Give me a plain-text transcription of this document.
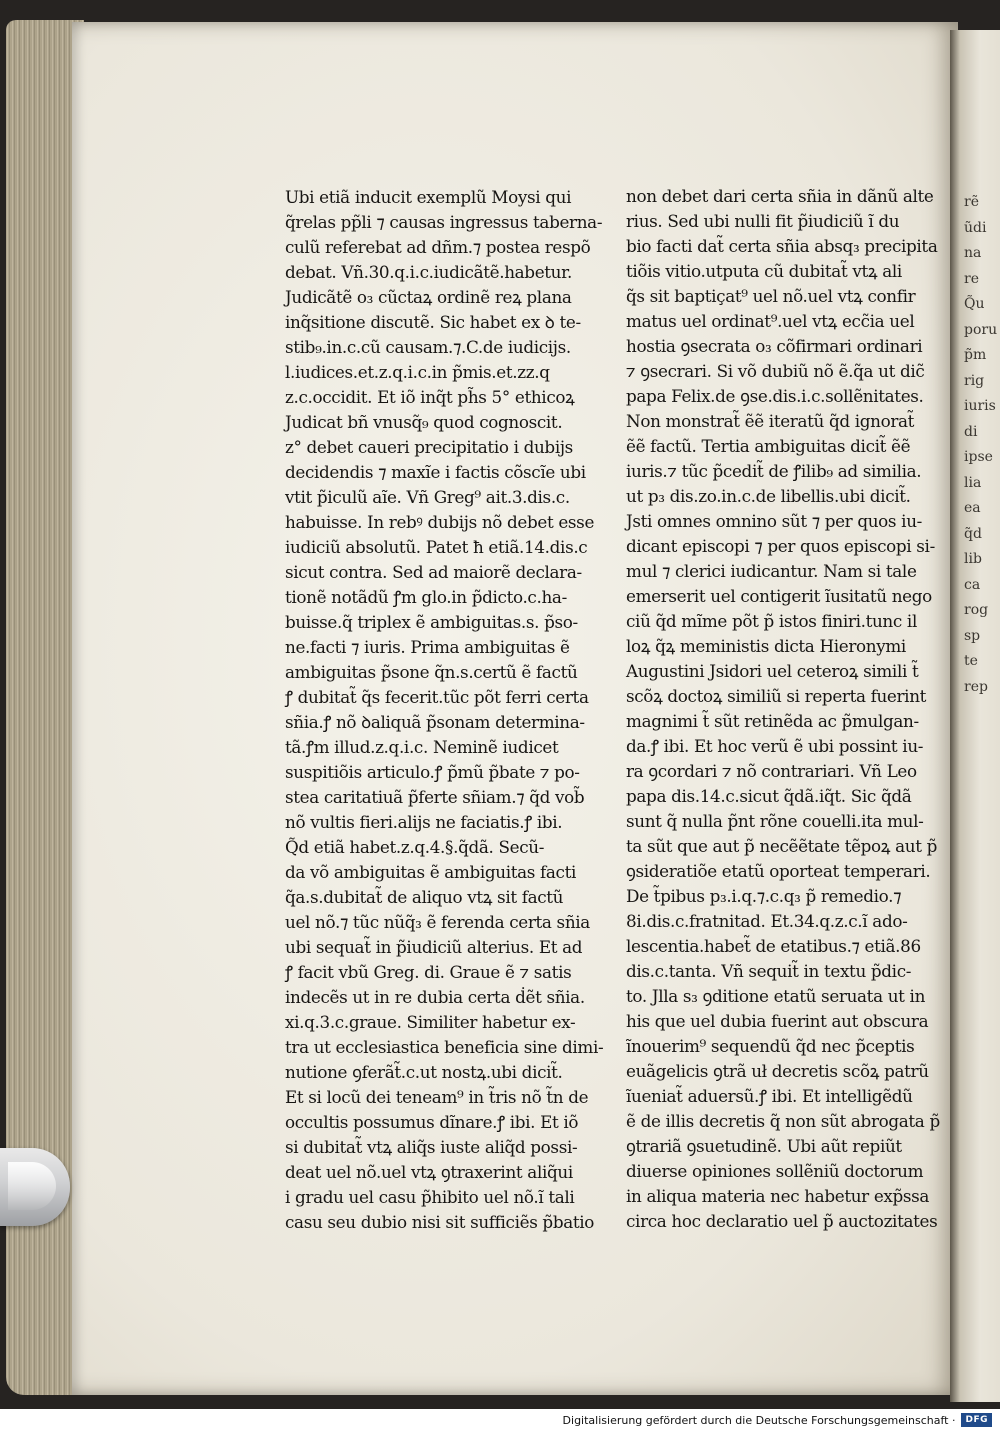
rẽ
ũdi
na
re
Q̃u
poru
p̃m
rig
iuris
di
ipse
lia
ea
q̃d
lib
ca
rog
sp
te
rep
Ubi etiã inducit exemplũ Moysi qui
q̃relas pp̃li ⁊ causas ingressus taberna-
culũ referebat ad dñm.⁊ postea respõ
debat. Vñ.30.q.i.c.iudicãtẽ.habetur.
Judicãtẽ o₃ cũctaꝝ ordinẽ reꝝ plana
inq̃sitione discutẽ. Sic habet ex ꝺ te-
stib₉.in.c.cũ causam.⁊.C.de iudicijs.
l.iudices.et.z.q.i.c.in p̃mis.et.zz.q
z.c.occidit. Et iõ inq̃t ph̃s 5° ethicoꝝ
Judicat bñ vnusq̃₉ quod cognoscit.
z° debet caueri precipitatio i dubijs
decidendis ⁊ maxĩe i factis cõscĩe ubi
vtit p̃iculũ aĩe. Vñ Greg⁹ ait.3.dis.c.
habuisse. In rebꝰ dubijs nõ debet esse
iudiciũ absolutũ. Patet ħ etiã.14.dis.c
sicut contra. Sed ad maiorẽ declara-
tionẽ notãdũ ꝭm glo.in p̃dicto.c.ha-
buisse.q̃ triplex ẽ ambiguitas.s. p̃so-
ne.facti ⁊ iuris. Prima ambiguitas ẽ
ambiguitas p̃sone q̃n.s.certũ ẽ factũ
ꝭ dubitat̃ q̃s fecerit.tũc põt ferri certa
sñia.ꝭ nõ ꝺaliquã p̃sonam determina-
tã.ꝭm illud.z.q.i.c. Neminẽ iudicet
suspitiõis articulo.ꝭ p̃mũ p̃bate ⁊ po-
stea caritatiuã p̃ferte sñiam.⁊ q̃d vob̃
nõ vultis fieri.alijs ne faciatis.ꝭ ibi.
Q̃d etiã habet.z.q.4.§.q̃dã. Secũ-
da võ ambiguitas ẽ ambiguitas facti
q̃a.s.dubitat̃ de aliquo vtꝝ sit factũ
uel nõ.⁊ tũc nũq̃₃ ẽ ferenda certa sñia
ubi sequat̃ in p̃iudiciũ alterius. Et ad
ꝭ facit vbũ Greg. di. Graue ẽ ⁊ satis
indecẽs ut in re dubia certa ḋẽt sñia.
xi.q.3.c.graue. Similiter habetur ex-
tra ut ecclesiastica beneficia sine dimi-
nutione ꝯferãt̃.c.ut nostꝝ.ubi dicit̃.
Et si locũ dei teneam⁹ in t̃ris nõ t̃n de
occultis possumus dĩnare.ꝭ ibi. Et iõ
si dubitat̃ vtꝝ aliq̃s iuste aliq̃d possi-
deat uel nõ.uel vtꝝ ꝯtraxerint aliq̃ui
i gradu uel casu p̃hibito uel nõ.ĩ tali
casu seu dubio nisi sit sufficiẽs p̃batio
non debet dari certa sñia in dãnũ alte
rius. Sed ubi nulli fit p̃iudiciũ ĩ du
bio facti dat̃ certa sñia absq₃ precipita
tiõis vitio.utputa cũ dubitat̃ vtꝝ ali
q̃s sit baptiçat⁹ uel nõ.uel vtꝝ confir
matus uel ordinat⁹.uel vtꝝ ecc̃ia uel
hostia ꝯsecrata o₃ cõfirmari ordinari
⁊ ꝯsecrari. Si võ dubiũ nõ ẽ.q̃a ut dic̃
papa Felix.de ꝯse.dis.i.c.sollẽnitates.
Non monstrat̃ ẽẽ iteratũ q̃d ignorat̃
ẽẽ factũ. Tertia ambiguitas dicit̃ ẽẽ
iuris.⁊ tũc p̃cedit̃ de ꝭilib₉ ad similia.
ut p₃ dis.zo.in.c.de libellis.ubi dicit̃.
Jsti omnes omnino sũt ⁊ per quos iu-
dicant episcopi ⁊ per quos episcopi si-
mul ⁊ clerici iudicantur. Nam si tale
emerserit uel contigerit ĩusitatũ nego
ciũ q̃d mĩme põt p̃ istos finiri.tunc il
loꝝ q̃ꝝ meministis dicta Hieronymi
Augustini Jsidori uel ceteroꝝ simili t̃
scõꝝ doctoꝝ similiũ si reperta fuerint
magnimi t̃ sũt retinẽda ac p̃mulgan-
da.ꝭ ibi. Et hoc verũ ẽ ubi possint iu-
ra ꝯcordari ⁊ nõ contrariari. Vñ Leo
papa dis.14.c.sicut q̃dã.iq̃t. Sic q̃dã
sunt q̃ nulla p̃nt rõne couelli.ita mul-
ta sũt que aut p̃ necẽẽtate tẽpoꝝ aut p̃
ꝯsideratiõe etatũ oporteat temperari.
De t̃pibus p₃.i.q.⁊.c.q₃ p̃ remedio.⁊
8i.dis.c.fratnitad. Et.34.q.z.c.ĩ ado-
lescentia.habet̃ de etatibus.⁊ etiã.86
dis.c.tanta. Vñ sequit̃ in textu p̃dic-
to. Jlla s₃ ꝯditione etatũ seruata ut in
his que uel dubia fuerint aut obscura
ĩnouerim⁹ sequendũ q̃d nec p̃ceptis
euãgelicis ꝯtrã uł decretis scõꝝ patrũ
ĩueniat̃ aduersũ.ꝭ ibi. Et intelligẽdũ
ẽ de illis decretis q̃ non sũt abrogata p̃
ꝯtrariã ꝯsuetudinẽ. Ubi aũt repiũt
diuerse opiniones sollẽniũ doctorum
in aliqua materia nec habetur exp̃ssa
circa hoc declaratio uel p̃ auctozitates
Digitalisierung gefördert durch die Deutsche Forschungsgemeinschaft ·	DFG
